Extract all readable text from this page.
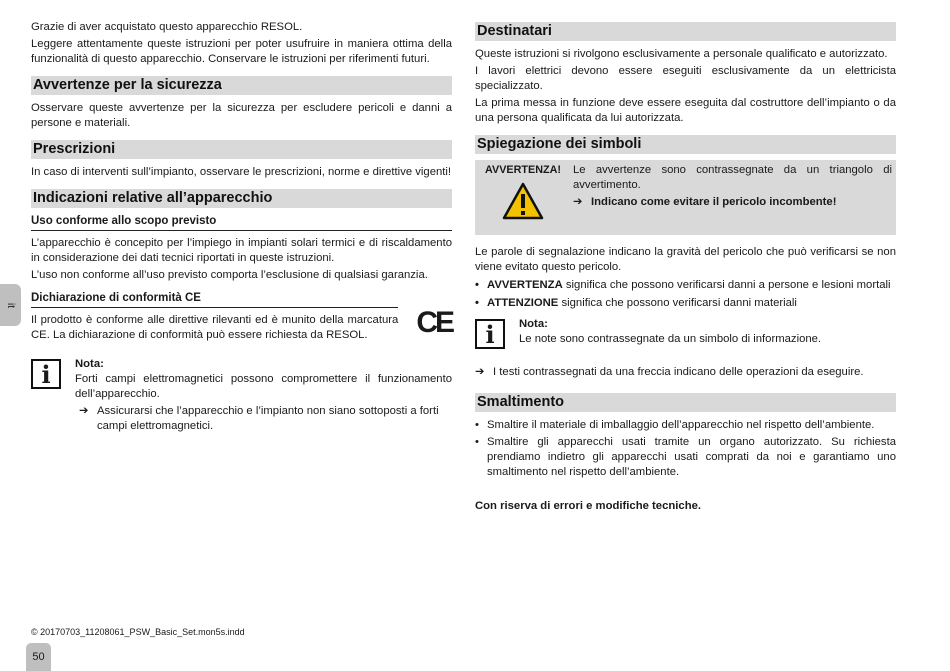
it

Grazie di aver acquistato questo apparecchio RESOL.

Leggere attentamente queste istruzioni per poter usufruire in maniera ottima della funzionalità di questo apparecchio. Conservare le istruzioni per riferimenti futuri.

Avvertenze per la sicurezza

Osservare queste avvertenze per la sicurezza per escludere pericoli e danni a persone e materiali.

Prescrizioni

In caso di interventi sull’impianto, osservare le prescrizioni, norme e direttive vigenti!

Indicazioni relative all’apparecchio
Uso conforme allo scopo previsto

L’apparecchio è concepito per l’impiego in impianti solari termici e di riscaldamento in considerazione dei dati tecnici riportati in queste istruzioni.

L’uso non conforme all’uso previsto comporta l’esclusione di qualsiasi garanzia.

Dichiarazione di conformità CE

Il prodotto è conforme alle direttive rilevanti ed è munito della marcatura CE. La dichiarazione di conformità può essere richiesta da RESOL.	CE
i	Nota:

Forti campi elettromagnetici possono compromettere il funzionamento dell’apparecchio.

➔ Assicurarsi che l’apparecchio e l’impianto non siano sottoposti a forti campi elettromagnetici.
Destinatari

Queste istruzioni si rivolgono esclusivamente a personale qualificato e autorizzato.

I lavori elettrici devono essere eseguiti esclusivamente da un elettricista specializzato.

La prima messa in funzione deve essere eseguita dal costruttore dell’impianto o da una persona qualificata da lui autorizzata.

Spiegazione dei simboli
AVVERTENZA!	Le avvertenze sono contrassegnate da un triangolo di avvertimento.

➔ Indicano come evitare il pericolo incombente!

Le parole di segnalazione indicano la gravità del pericolo che può verificarsi se non viene evitato questo pericolo.

• AVVERTENZA significa che possono verificarsi danni a persone e lesioni mortali
• ATTENZIONE significa che possono verificarsi danni materiali
i	Nota:

Le note sono contrassegnate da un simbolo di informazione.

➔ I testi contrassegnati da una freccia indicano delle operazioni da eseguire.
Smaltimento
• Smaltire il materiale di imballaggio dell’apparecchio nel rispetto dell’ambiente.
• Smaltire gli apparecchi usati tramite un organo autorizzato. Su richiesta prendiamo indietro gli apparecchi usati comprati da noi e garantiamo uno smaltimento nel rispetto dell’ambiente.

Con riserva di errori e modifiche tecniche.

© 20170703_11208061_PSW_Basic_Set.mon5s.indd
50
